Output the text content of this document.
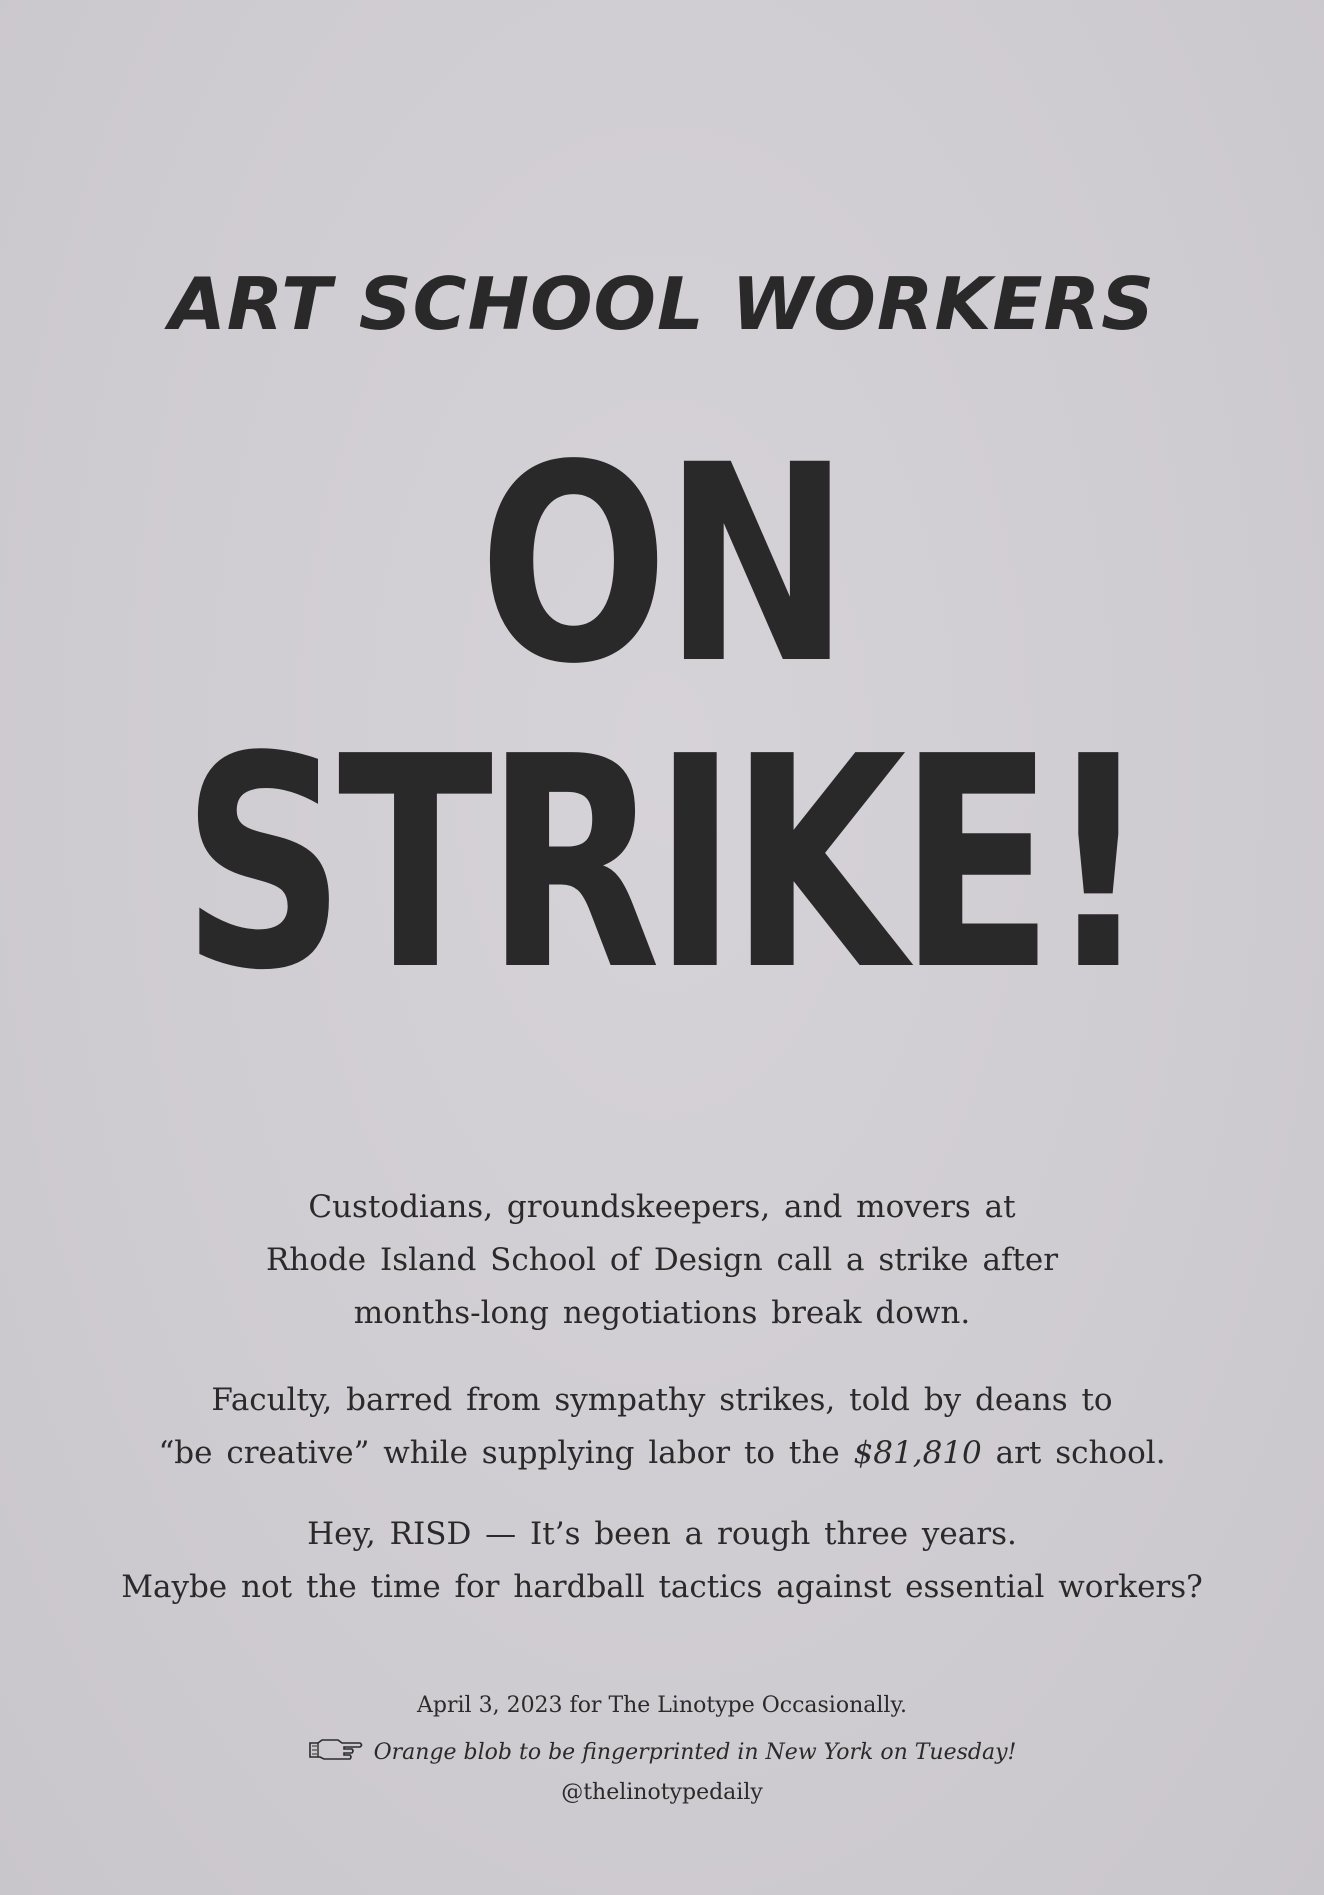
ART SCHOOL WORKERS
ON
STRIKE!
Custodians, groundskeepers, and movers at
Rhode Island School of Design call a strike after
months-long negotiations break down.
Faculty, barred from sympathy strikes, told by deans to
“be creative” while supplying labor to the $81,810 art school.
Hey, RISD — It’s been a rough three years.
Maybe not the time for hardball tactics against essential workers?
April 3, 2023 for The Linotype Occasionally.
Orange blob to be fingerprinted in New York on Tuesday!
@thelinotypedaily
